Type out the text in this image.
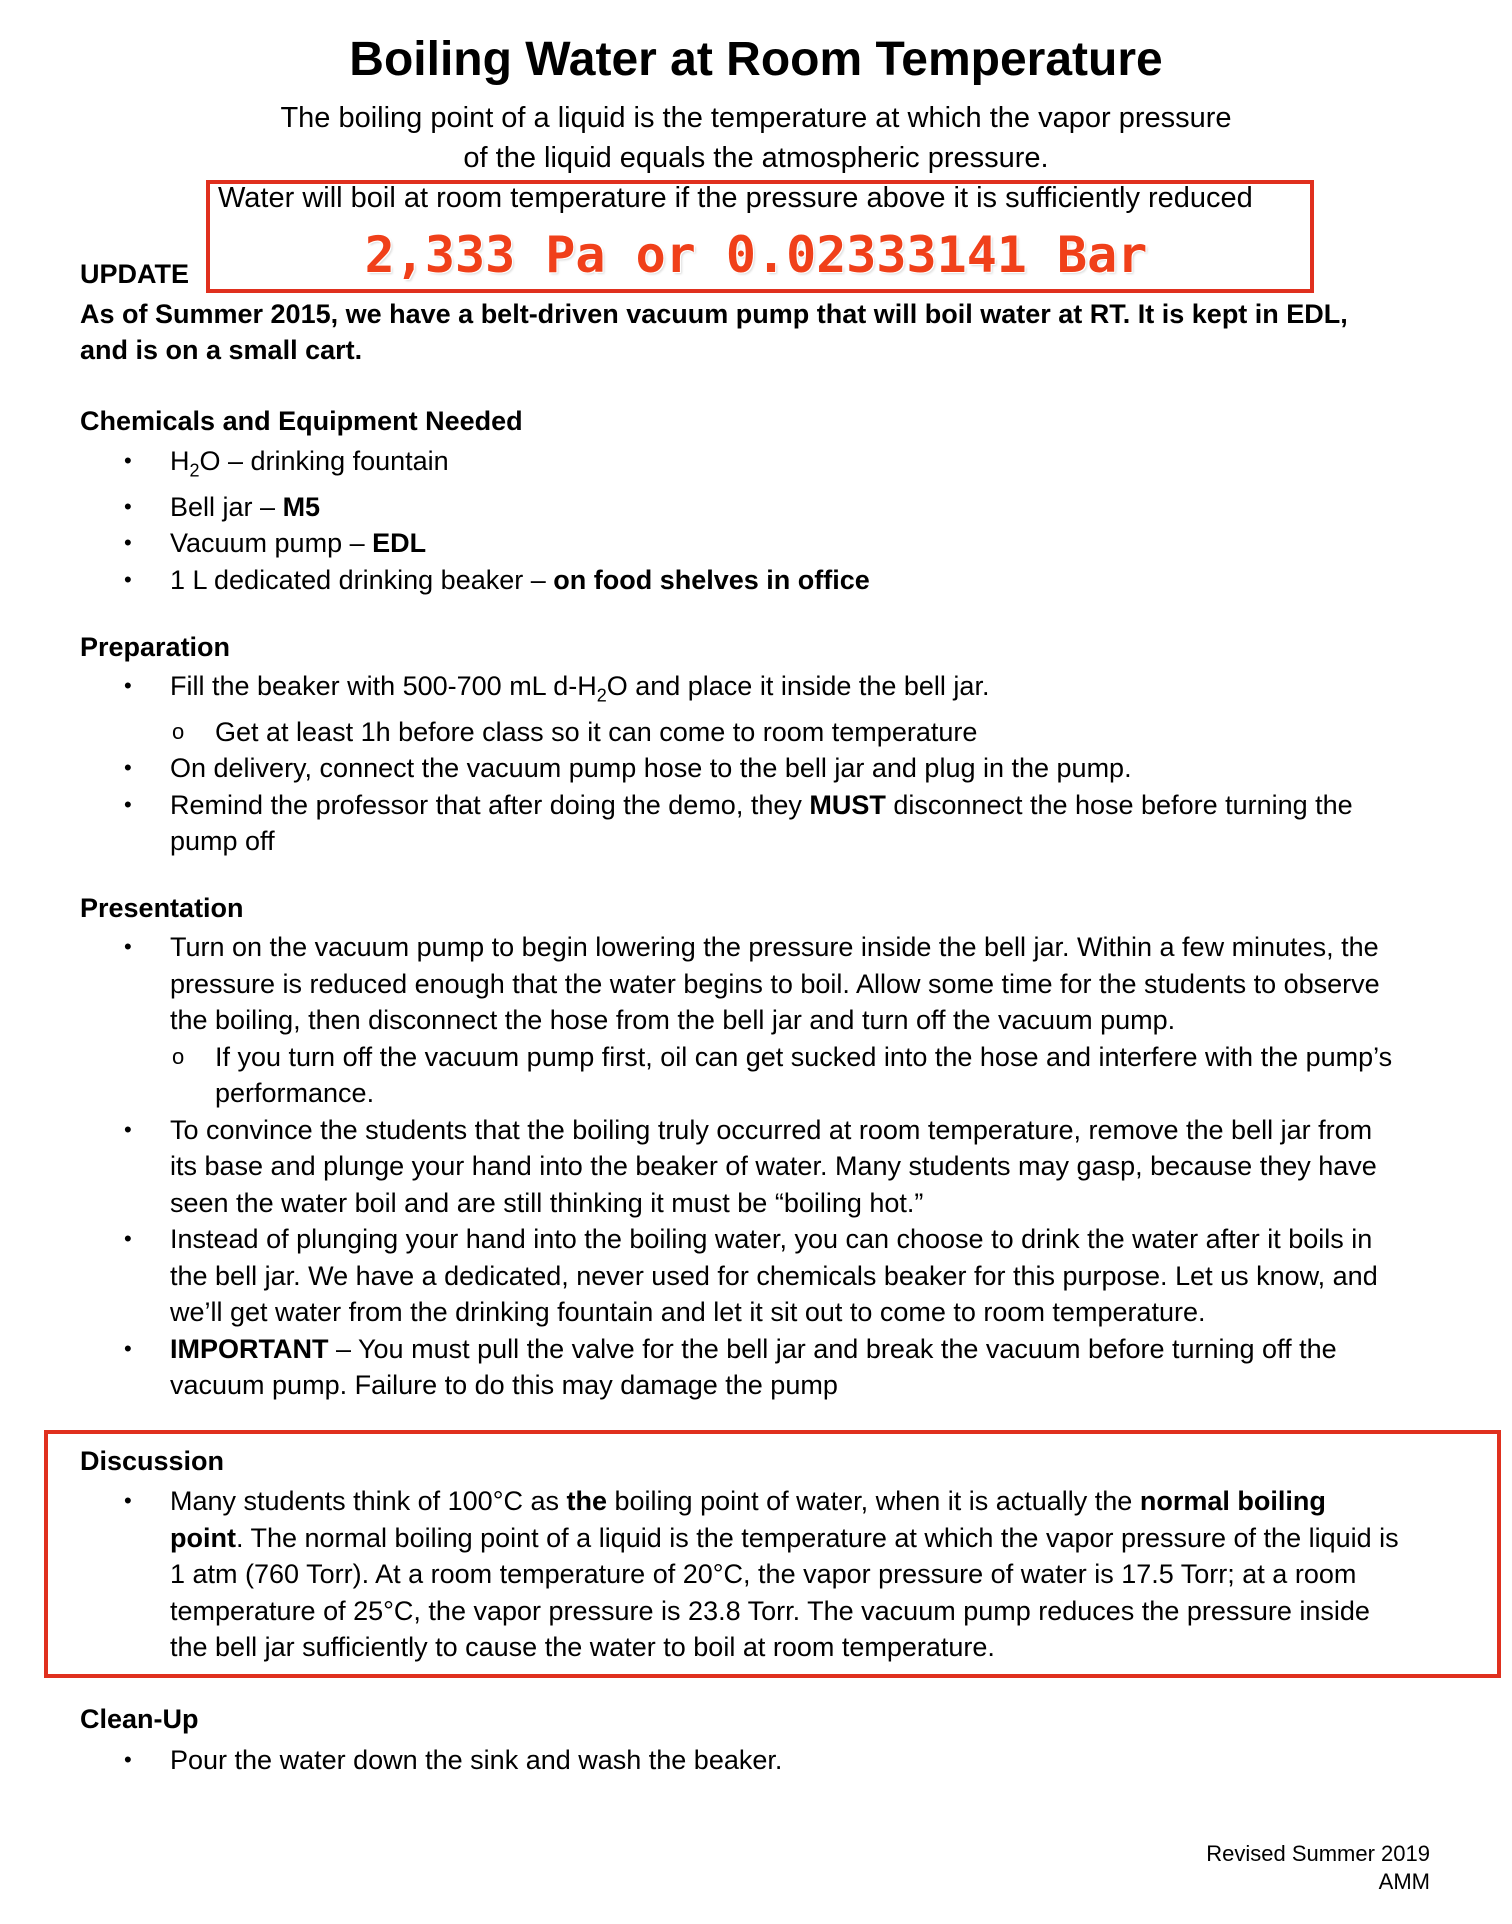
Boiling Water at Room Temperature
The boiling point of a liquid is the temperature at which the vapor pressure
of the liquid equals the atmospheric pressure.
Water will boil at room temperature if the pressure above it is sufficiently reduced
2,333 Pa or 0.02333141 Bar
UPDATE
As of Summer 2015, we have a belt-driven vacuum pump that will boil water at RT. It is kept in EDL,
and is on a small cart.
Chemicals and Equipment Needed
• $H_2O$ – drinking fountain
• Bell jar – M5
• Vacuum pump – EDL
• 1 L dedicated drinking beaker – on food shelves in office
Preparation
• Fill the beaker with 500-700 mL $d-H_2O$ and place it inside the bell jar.
o Get at least 1h before class so it can come to room temperature
• On delivery, connect the vacuum pump hose to the bell jar and plug in the pump.
• Remind the professor that after doing the demo, they MUST disconnect the hose before turning the
pump off
Presentation
• Turn on the vacuum pump to begin lowering the pressure inside the bell jar. Within a few minutes, the
pressure is reduced enough that the water begins to boil. Allow some time for the students to observe
the boiling, then disconnect the hose from the bell jar and turn off the vacuum pump.
o If you turn off the vacuum pump first, oil can get sucked into the hose and interfere with the pump’s
performance.
• To convince the students that the boiling truly occurred at room temperature, remove the bell jar from
its base and plunge your hand into the beaker of water. Many students may gasp, because they have
seen the water boil and are still thinking it must be “boiling hot.”
• Instead of plunging your hand into the boiling water, you can choose to drink the water after it boils in
the bell jar. We have a dedicated, never used for chemicals beaker for this purpose. Let us know, and
we’ll get water from the drinking fountain and let it sit out to come to room temperature.
• IMPORTANT – You must pull the valve for the bell jar and break the vacuum before turning off the
vacuum pump. Failure to do this may damage the pump
Discussion
• Many students think of 100°C as the boiling point of water, when it is actually the normal boiling
point. The normal boiling point of a liquid is the temperature at which the vapor pressure of the liquid is
1 atm (760 Torr). At a room temperature of 20°C, the vapor pressure of water is 17.5 Torr; at a room
temperature of 25°C, the vapor pressure is 23.8 Torr. The vacuum pump reduces the pressure inside
the bell jar sufficiently to cause the water to boil at room temperature.
Clean-Up
• Pour the water down the sink and wash the beaker.
Revised Summer 2019
AMM
